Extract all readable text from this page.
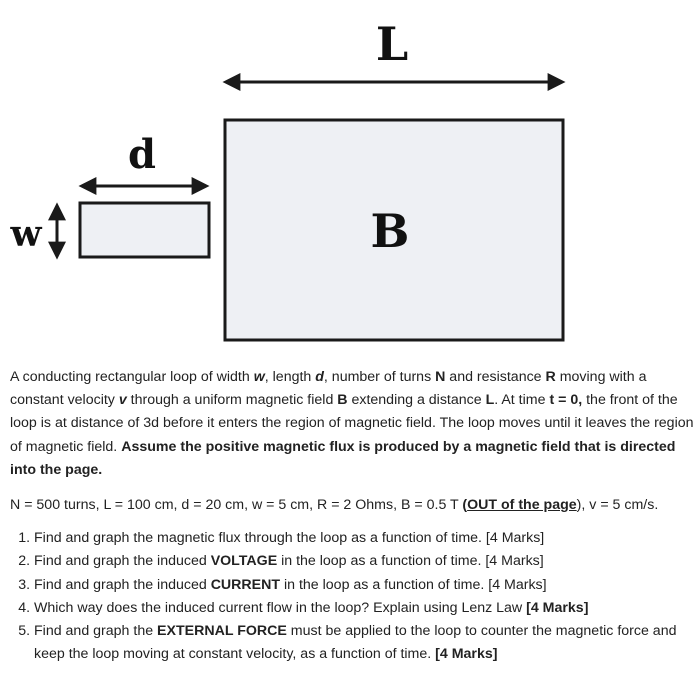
L
B
d
w

A conducting rectangular loop of width w, length d, number of turns N and resistance R moving with a constant velocity v through a uniform magnetic field B extending a distance L. At time t = 0, the front of the loop is at distance of 3d before it enters the region of magnetic field. The loop moves until it leaves the region of magnetic field. Assume the positive magnetic flux is produced by a magnetic field that is directed into the page.

N = 500 turns, L = 100 cm, d = 20 cm, w = 5 cm, R = 2 Ohms, B = 0.5 T (OUT of the page), v = 5 cm/s.

1. Find and graph the magnetic flux through the loop as a function of time. [4 Marks]
2. Find and graph the induced VOLTAGE in the loop as a function of time. [4 Marks]
3. Find and graph the induced CURRENT in the loop as a function of time. [4 Marks]
4. Which way does the induced current flow in the loop? Explain using Lenz Law [4 Marks]
5. Find and graph the EXTERNAL FORCE must be applied to the loop to counter the magnetic force and keep the loop moving at constant velocity, as a function of time. [4 Marks]
